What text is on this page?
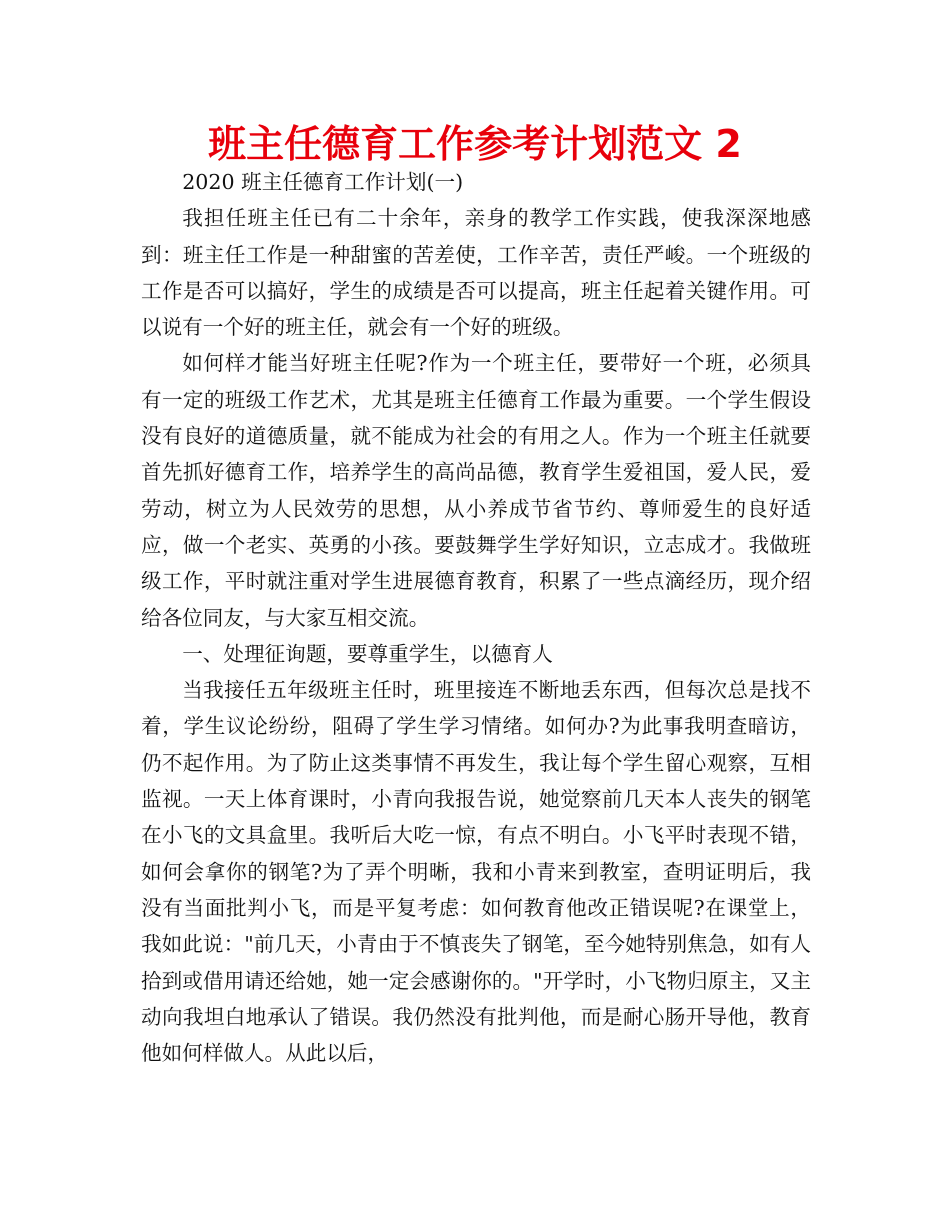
班主任德育工作参考计划范文 2

2020 班主任德育工作计划(一)

我担任班主任已有二十余年，亲身的教学工作实践，使我深深地感到：班主任工作是一种甜蜜的苦差使，工作辛苦，责任严峻。一个班级的工作是否可以搞好，学生的成绩是否可以提高，班主任起着关键作用。可以说有一个好的班主任，就会有一个好的班级。

如何样才能当好班主任呢?作为一个班主任，要带好一个班，必须具有一定的班级工作艺术，尤其是班主任德育工作最为重要。一个学生假设没有良好的道德质量，就不能成为社会的有用之人。作为一个班主任就要首先抓好德育工作，培养学生的高尚品德，教育学生爱祖国，爱人民，爱劳动，树立为人民效劳的思想，从小养成节省节约、尊师爱生的良好适应，做一个老实、英勇的小孩。要鼓舞学生学好知识，立志成才。我做班级工作，平时就注重对学生进展德育教育，积累了一些点滴经历，现介绍给各位同友，与大家互相交流。

一、处理征询题，要尊重学生，以德育人

当我接任五年级班主任时，班里接连不断地丢东西，但每次总是找不着，学生议论纷纷，阻碍了学生学习情绪。如何办?为此事我明查暗访，仍不起作用。为了防止这类事情不再发生，我让每个学生留心观察，互相监视。一天上体育课时，小青向我报告说，她觉察前几天本人丧失的钢笔在小飞的文具盒里。我听后大吃一惊，有点不明白。小飞平时表现不错，如何会拿你的钢笔?为了弄个明晰，我和小青来到教室，查明证明后，我没有当面批判小飞，而是平复考虑：如何教育他改正错误呢?在课堂上，我如此说："前几天，小青由于不慎丧失了钢笔，至今她特别焦急，如有人拾到或借用请还给她，她一定会感谢你的。"开学时，小飞物归原主，又主动向我坦白地承认了错误。我仍然没有批判他，而是耐心肠开导他，教育他如何样做人。从此以后，
